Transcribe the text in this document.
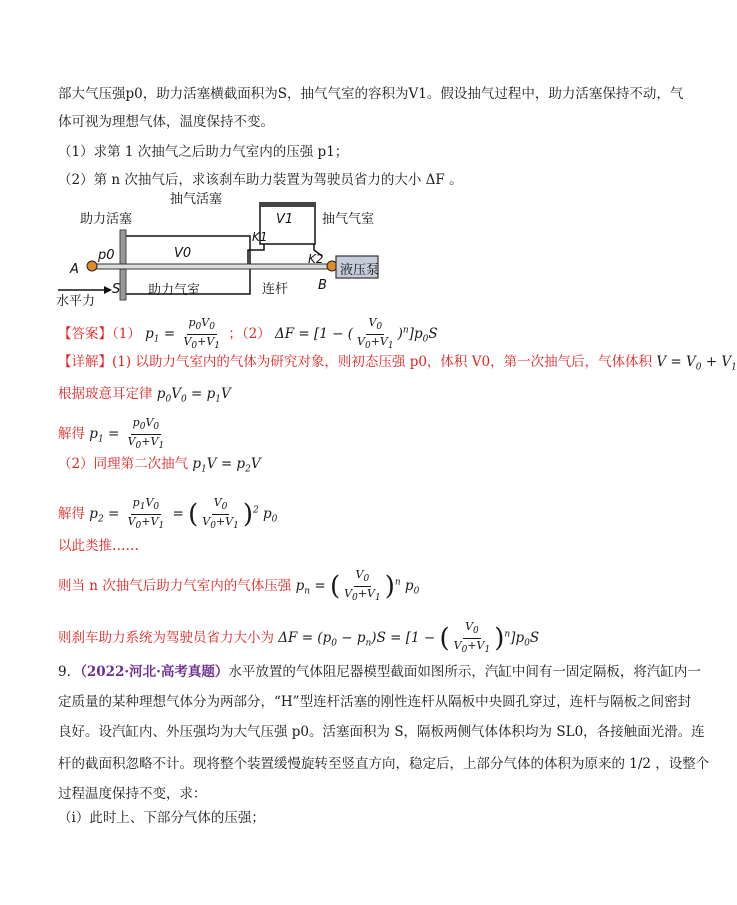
部大气压强p0，助力活塞横截面积为S，抽气气室的容积为V1。假设抽气过程中，助力活塞保持不动，气
体可视为理想气体，温度保持不变。
（1）求第 1 次抽气之后助力气室内的压强 p1；
（2）第 n 次抽气后，求该刹车助力装置为驾驶员省力的大小 ΔF 。
抽气活塞
抽气气室
助力活塞	V1
K1
K2
p0	V0
A
连杆 B
液压泵
水平力
S 助力气室
【答案】（1） $p_1 = \frac{p_0V_0}{V_0+V_1}$ ；（2） ΔF = [1 − ( $\frac{V_0}{V_0+V_1} )^n]p_0S$
【详解】(1) 以助力气室内的气体为研究对象，则初态压强 p0，体积 V0，第一次抽气后，气体体积 $V = V_0 + V_1$
根据玻意耳定律 $p_0V_0 = p_1V$
解得 $p_1 = \frac{p_0V_0}{V_0+V_1}$
（2）同理第二次抽气 $p_1V = p_2V$
解得 $p_2 = \frac{p_1V_0}{V_0+V_1}$ = ( $\frac{V_0}{V_0+V_1} )^2$ $p_0$
以此类推……
则当 n 次抽气后助力气室内的气体压强 $p_n$ = ( $\frac{V_0}{V_0+V_1} )^n$ $p_0$
则刹车助力系统为驾驶员省力大小为 $\Delta F = (p_0 - p_n)S = [1$ − ( $\frac{V_0}{V_0+V_1} )^n]p_0S$
9．（2022·河北·高考真题）水平放置的气体阻尼器模型截面如图所示，汽缸中间有一固定隔板，将汽缸内一
定质量的某种理想气体分为两部分，“H”型连杆活塞的刚性连杆从隔板中央圆孔穿过，连杆与隔板之间密封
良好。设汽缸内、外压强均为大气压强 p0。活塞面积为 S，隔板两侧气体体积均为 SL0，各接触面光滑。连
杆的截面积忽略不计。现将整个装置缓慢旋转至竖直方向，稳定后，上部分气体的体积为原来的 1/2 ，设整个
过程温度保持不变，求：
（i）此时上、下部分气体的压强；
